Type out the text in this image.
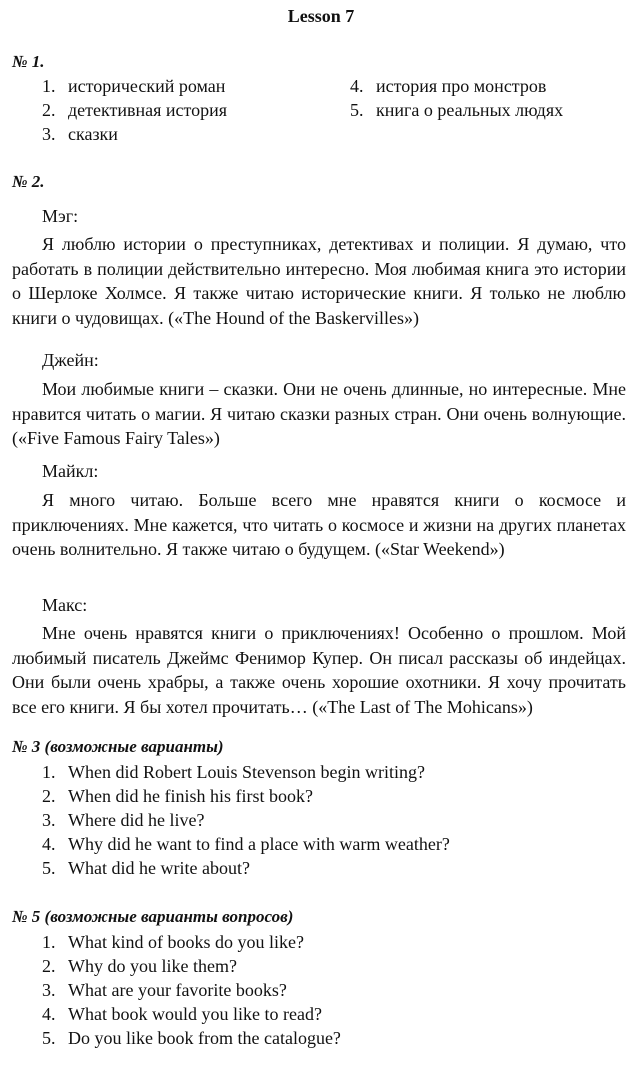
Lesson 7
№ 1.
1. исторический роман
2. детективная история
3. сказки
4. история про монстров
5. книга о реальных людях
№ 2.
Мэг:
Я люблю истории о преступниках, детективах и полиции. Я думаю, что работать в полиции действительно интересно. Моя любимая книга это истории о Шерлоке Холмсе. Я также читаю исторические книги. Я только не люблю книги о чудовищах. («The Hound of the Baskervilles»)
Джейн:
Мои любимые книги – сказки. Они не очень длинные, но интересные. Мне нравится читать о магии. Я читаю сказки разных стран. Они очень волнующие. («Five Famous Fairy Tales»)
Майкл:
Я много читаю. Больше всего мне нравятся книги о космосе и приключениях. Мне кажется, что читать о космосе и жизни на других планетах очень волнительно. Я также читаю о будущем. («Star Weekend»)
Макс:
Мне очень нравятся книги о приключениях! Особенно о прошлом. Мой любимый писатель Джеймс Фенимор Купер. Он писал рассказы об индейцах. Они были очень храбры, а также очень хорошие охотники. Я хочу прочитать все его книги. Я бы хотел прочитать… («The Last of The Mohicans»)
№ 3 (возможные варианты)
1. When did Robert Louis Stevenson begin writing?
2. When did he finish his first book?
3. Where did he live?
4. Why did he want to find a place with warm weather?
5. What did he write about?
№ 5 (возможные варианты вопросов)
1. What kind of books do you like?
2. Why do you like them?
3. What are your favorite books?
4. What book would you like to read?
5. Do you like book from the catalogue?
